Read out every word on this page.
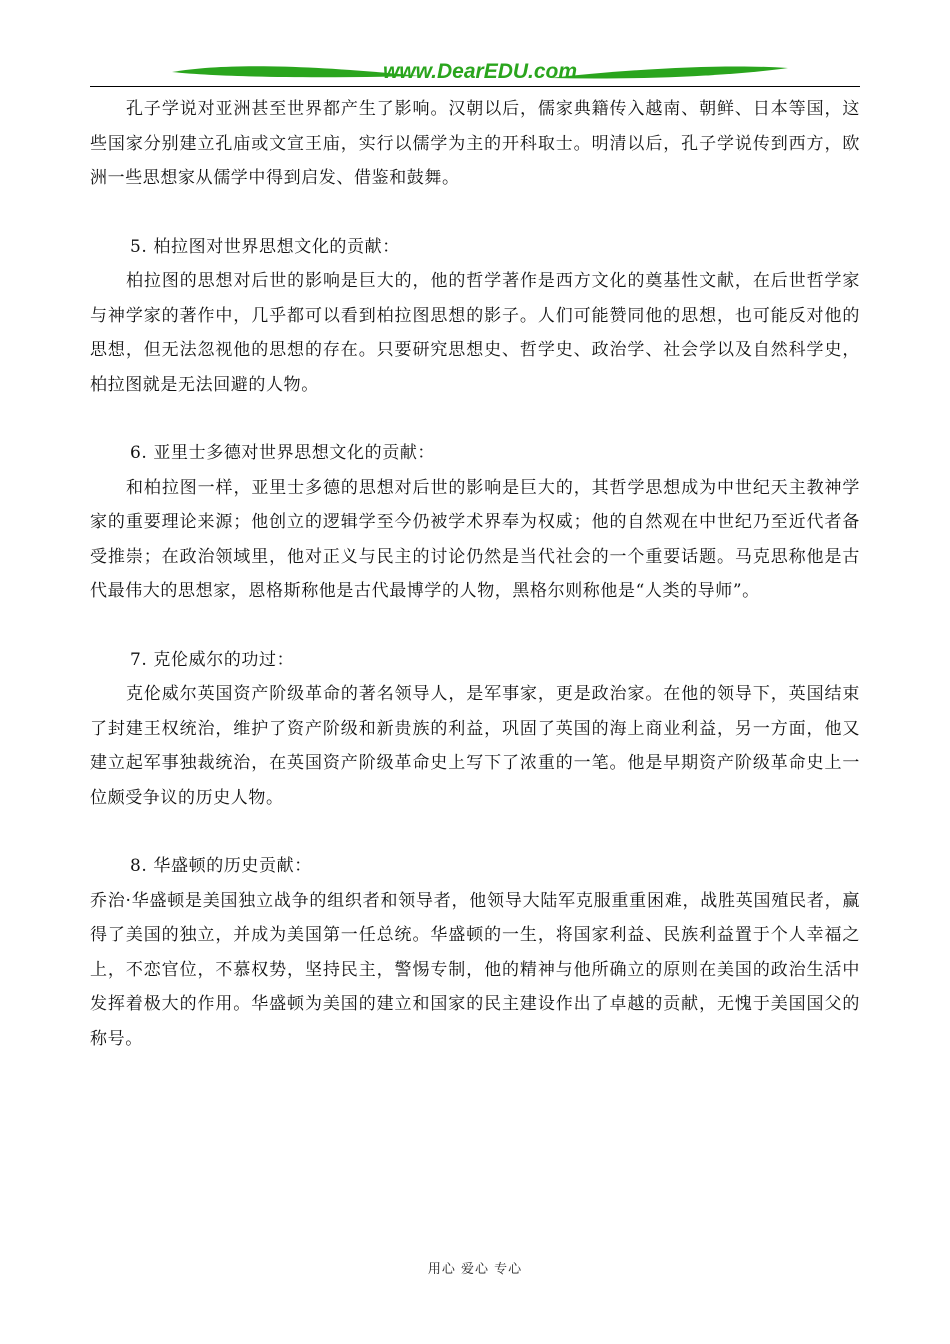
www.DearEDU.com

孔子学说对亚洲甚至世界都产生了影响。汉朝以后，儒家典籍传入越南、朝鲜、日本等国，这些国家分别建立孔庙或文宣王庙，实行以儒学为主的开科取士。明清以后，孔子学说传到西方，欧洲一些思想家从儒学中得到启发、借鉴和鼓舞。

5. 柏拉图对世界思想文化的贡献：

柏拉图的思想对后世的影响是巨大的，他的哲学著作是西方文化的奠基性文献，在后世哲学家与神学家的著作中，几乎都可以看到柏拉图思想的影子。人们可能赞同他的思想，也可能反对他的思想，但无法忽视他的思想的存在。只要研究思想史、哲学史、政治学、社会学以及自然科学史，柏拉图就是无法回避的人物。

6. 亚里士多德对世界思想文化的贡献：

和柏拉图一样，亚里士多德的思想对后世的影响是巨大的，其哲学思想成为中世纪天主教神学家的重要理论来源；他创立的逻辑学至今仍被学术界奉为权威；他的自然观在中世纪乃至近代者备受推崇；在政治领域里，他对正义与民主的讨论仍然是当代社会的一个重要话题。马克思称他是古代最伟大的思想家，恩格斯称他是古代最博学的人物，黑格尔则称他是“人类的导师”。

7. 克伦威尔的功过：

克伦威尔英国资产阶级革命的著名领导人，是军事家，更是政治家。在他的领导下，英国结束了封建王权统治，维护了资产阶级和新贵族的利益，巩固了英国的海上商业利益，另一方面，他又建立起军事独裁统治，在英国资产阶级革命史上写下了浓重的一笔。他是早期资产阶级革命史上一位颇受争议的历史人物。

8. 华盛顿的历史贡献：

乔治·华盛顿是美国独立战争的组织者和领导者，他领导大陆军克服重重困难，战胜英国殖民者，赢得了美国的独立，并成为美国第一任总统。华盛顿的一生，将国家利益、民族利益置于个人幸福之上，不恋官位，不慕权势，坚持民主，警惕专制，他的精神与他所确立的原则在美国的政治生活中发挥着极大的作用。华盛顿为美国的建立和国家的民主建设作出了卓越的贡献，无愧于美国国父的称号。

用心 爱心 专心
